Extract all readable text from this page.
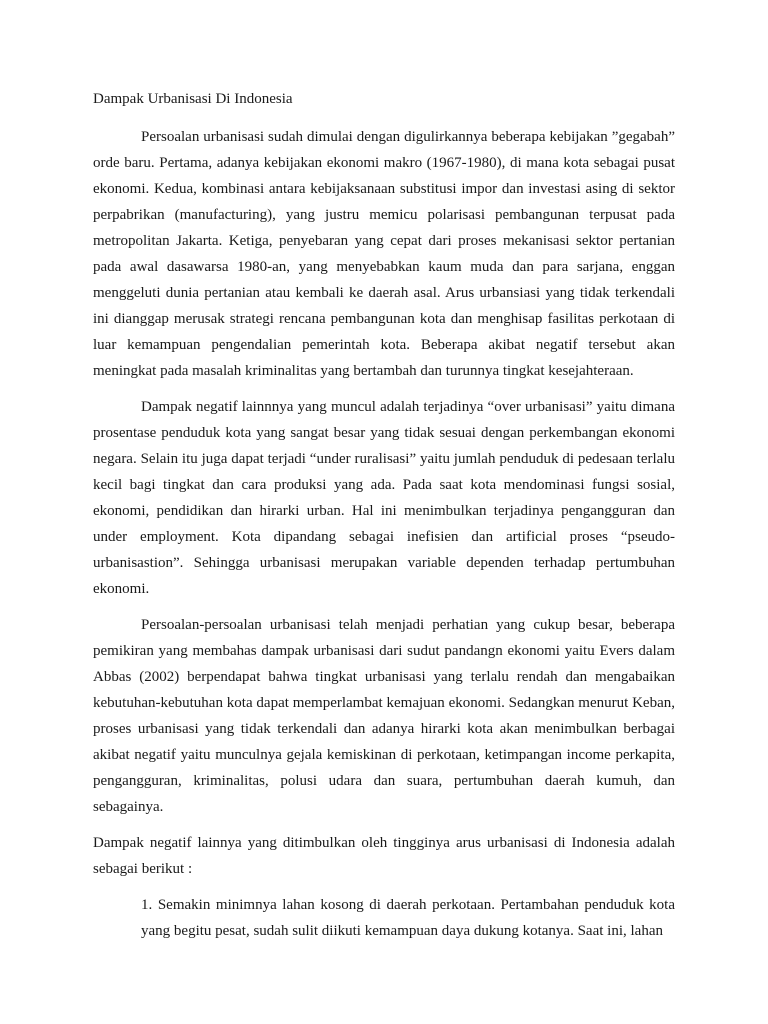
Dampak Urbanisasi Di Indonesia

Persoalan urbanisasi sudah dimulai dengan digulirkannya beberapa kebijakan ”gegabah” orde baru. Pertama, adanya kebijakan ekonomi makro (1967-1980), di mana kota sebagai pusat ekonomi. Kedua, kombinasi antara kebijaksanaan substitusi impor dan investasi asing di sektor perpabrikan (manufacturing), yang justru memicu polarisasi pembangunan terpusat pada metropolitan Jakarta. Ketiga, penyebaran yang cepat dari proses mekanisasi sektor pertanian pada awal dasawarsa 1980-an, yang menyebabkan kaum muda dan para sarjana, enggan menggeluti dunia pertanian atau kembali ke daerah asal. Arus urbansiasi yang tidak terkendali ini dianggap merusak strategi rencana pembangunan kota dan menghisap fasilitas perkotaan di luar kemampuan pengendalian pemerintah kota. Beberapa akibat negatif tersebut akan meningkat pada masalah kriminalitas yang bertambah dan turunnya tingkat kesejahteraan.

Dampak negatif lainnnya yang muncul adalah terjadinya “over urbanisasi” yaitu dimana prosentase penduduk kota yang sangat besar yang tidak sesuai dengan perkembangan ekonomi negara. Selain itu juga dapat terjadi “under ruralisasi” yaitu jumlah penduduk di pedesaan terlalu kecil bagi tingkat dan cara produksi yang ada. Pada saat kota mendominasi fungsi sosial, ekonomi, pendidikan dan hirarki urban. Hal ini menimbulkan terjadinya pengangguran dan under employment. Kota dipandang sebagai inefisien dan artificial proses “pseudo-urbanisastion”. Sehingga urbanisasi merupakan variable dependen terhadap pertumbuhan ekonomi.

Persoalan-persoalan urbanisasi telah menjadi perhatian yang cukup besar, beberapa pemikiran yang membahas dampak urbanisasi dari sudut pandangn ekonomi yaitu Evers dalam Abbas (2002) berpendapat bahwa tingkat urbanisasi yang terlalu rendah dan mengabaikan kebutuhan-kebutuhan kota dapat memperlambat kemajuan ekonomi. Sedangkan menurut Keban, proses urbanisasi yang tidak terkendali dan adanya hirarki kota akan menimbulkan berbagai akibat negatif yaitu munculnya gejala kemiskinan di perkotaan, ketimpangan income perkapita, pengangguran, kriminalitas, polusi udara dan suara, pertumbuhan daerah kumuh, dan sebagainya.

Dampak negatif lainnya yang ditimbulkan oleh tingginya arus urbanisasi di Indonesia adalah sebagai berikut :

1. Semakin minimnya lahan kosong di daerah perkotaan. Pertambahan penduduk kota yang begitu pesat, sudah sulit diikuti kemampuan daya dukung kotanya. Saat ini, lahan
